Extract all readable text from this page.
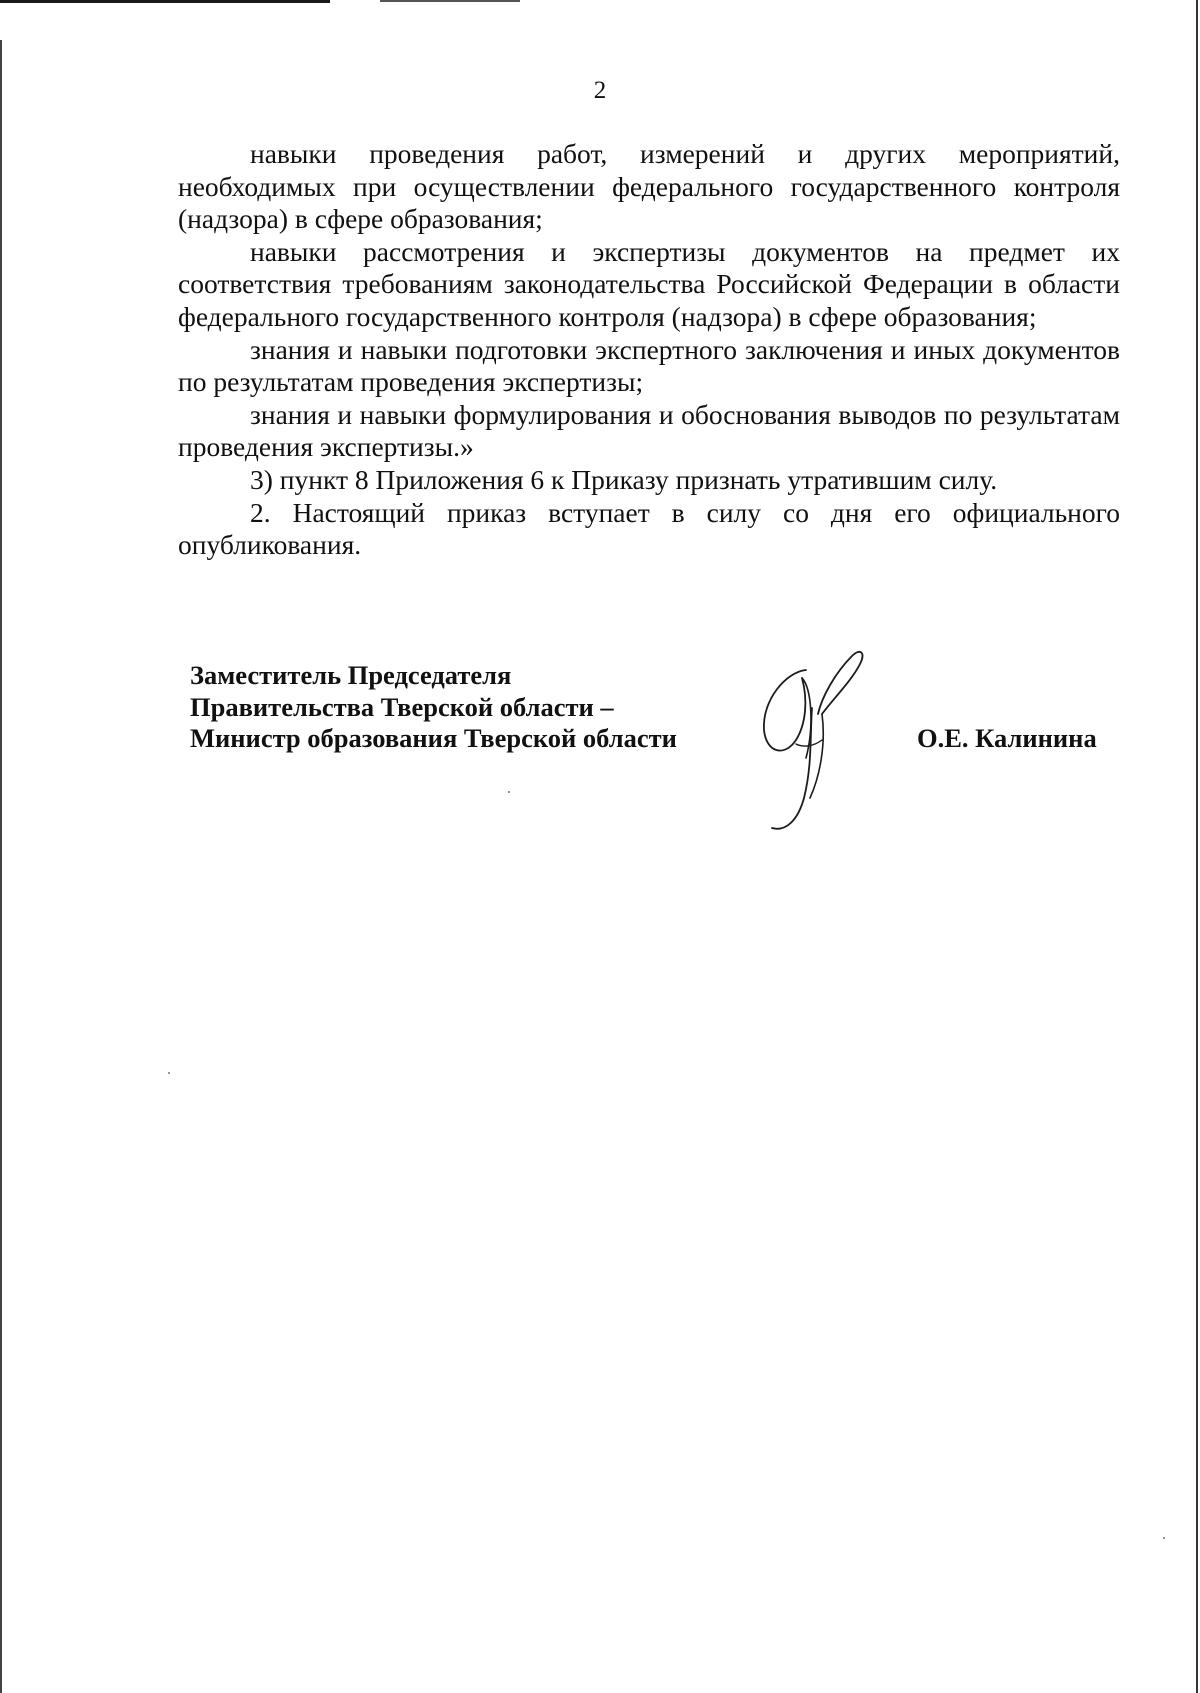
2

навыки проведения работ, измерений и других мероприятий, необходимых при осуществлении федерального государственного контроля (надзора) в сфере образования;

навыки рассмотрения и экспертизы документов на предмет их соответствия требованиям законодательства Российской Федерации в области федерального государственного контроля (надзора) в сфере образования;

знания и навыки подготовки экспертного заключения и иных документов по результатам проведения экспертизы;

знания и навыки формулирования и обоснования выводов по результатам проведения экспертизы.»

3) пункт 8 Приложения 6 к Приказу признать утратившим силу.

2. Настоящий приказ вступает в силу со дня его официального опубликования.

Заместитель Председателя
Правительства Тверской области –
Министр образования Тверской области	О.Е. Калинина
